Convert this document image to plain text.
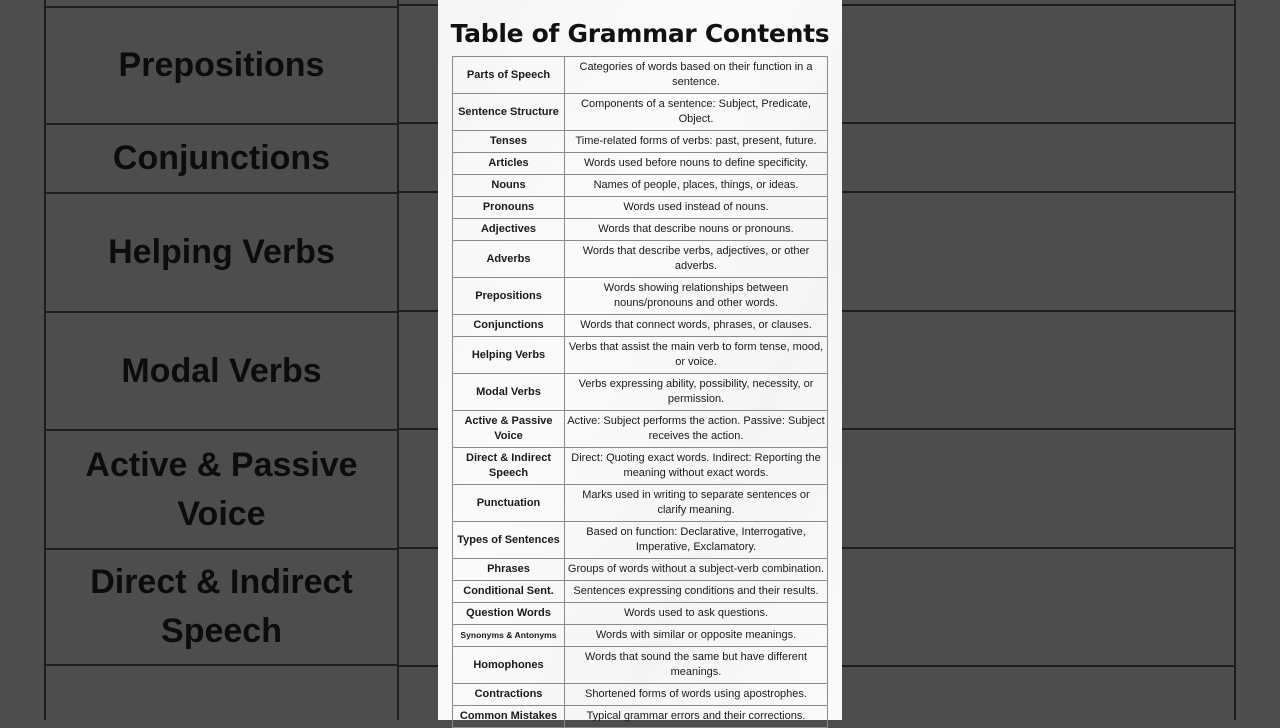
Prepositions
Conjunctions
Helping Verbs
Modal Verbs
Active & Passive Voice
Direct & Indirect Speech
Table of Grammar Contents
Parts of Speech	Categories of words based on their function in a sentence.
Sentence Structure	Components of a sentence: Subject, Predicate, Object.
Tenses	Time-related forms of verbs: past, present, future.
Articles	Words used before nouns to define specificity.
Nouns	Names of people, places, things, or ideas.
Pronouns	Words used instead of nouns.
Adjectives	Words that describe nouns or pronouns.
Adverbs	Words that describe verbs, adjectives, or other adverbs.
Prepositions	Words showing relationships between nouns/pronouns and other words.
Conjunctions	Words that connect words, phrases, or clauses.
Helping Verbs	Verbs that assist the main verb to form tense, mood, or voice.
Modal Verbs	Verbs expressing ability, possibility, necessity, or permission.
Active & Passive Voice	Active: Subject performs the action. Passive: Subject receives the action.
Direct & Indirect Speech	Direct: Quoting exact words. Indirect: Reporting the meaning without exact words.
Punctuation	Marks used in writing to separate sentences or clarify meaning.
Types of Sentences	Based on function: Declarative, Interrogative, Imperative, Exclamatory.
Phrases	Groups of words without a subject-verb combination.
Conditional Sent.	Sentences expressing conditions and their results.
Question Words	Words used to ask questions.
Synonyms & Antonyms	Words with similar or opposite meanings.
Homophones	Words that sound the same but have different meanings.
Contractions	Shortened forms of words using apostrophes.
Common Mistakes	Typical grammar errors and their corrections.
